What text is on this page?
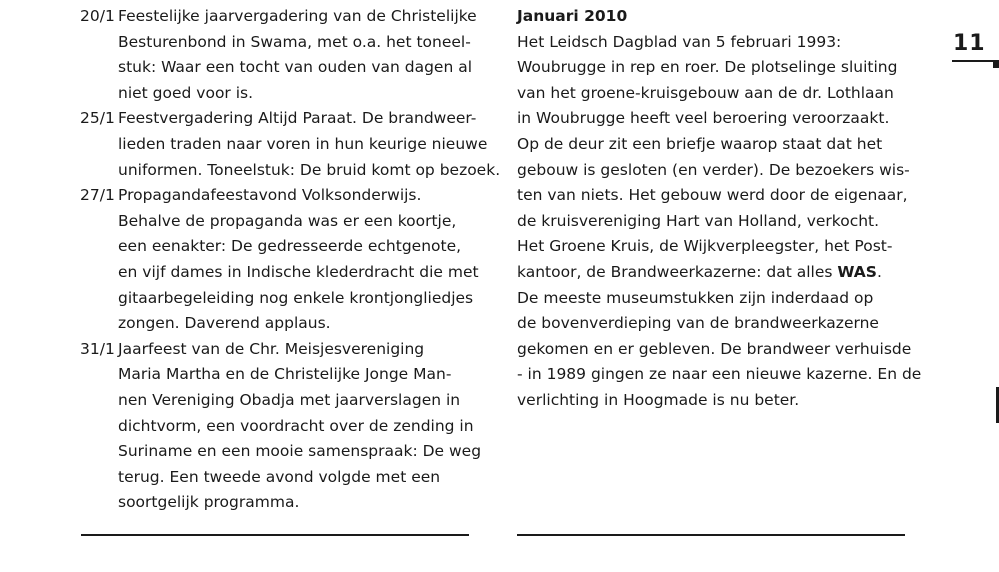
20/1 Feestelijke jaarvergadering van de Christelijke
Besturenbond in Swama, met o.a. het toneel-
stuk: Waar een tocht van ouden van dagen al
niet goed voor is.
25/1 Feestvergadering Altijd Paraat. De brandweer-
lieden traden naar voren in hun keurige nieuwe
uniformen. Toneelstuk: De bruid komt op bezoek.
27/1 Propagandafeestavond Volksonderwijs.
Behalve de propaganda was er een koortje,
een eenakter: De gedresseerde echtgenote,
en vijf dames in Indische klederdracht die met
gitaarbegeleiding nog enkele krontjongliedjes
zongen. Daverend applaus.
31/1 Jaarfeest van de Chr. Meisjesvereniging
Maria Martha en de Christelijke Jonge Man-
nen Vereniging Obadja met jaarverslagen in
dichtvorm, een voordracht over de zending in
Suriname en een mooie samenspraak: De weg
terug. Een tweede avond volgde met een
soortgelijk programma.
Januari 2010
Het Leidsch Dagblad van 5 februari 1993:
Woubrugge in rep en roer. De plotselinge sluiting
van het groene-kruisgebouw aan de dr. Lothlaan
in Woubrugge heeft veel beroering veroorzaakt.
Op de deur zit een briefje waarop staat dat het
gebouw is gesloten (en verder). De bezoekers wis-
ten van niets. Het gebouw werd door de eigenaar,
de kruisvereniging Hart van Holland, verkocht.
Het Groene Kruis, de Wijkverpleegster, het Post-
kantoor, de Brandweerkazerne: dat alles WAS.
De meeste museumstukken zijn inderdaad op
de bovenverdieping van de brandweerkazerne
gekomen en er gebleven. De brandweer verhuisde
- in 1989 gingen ze naar een nieuwe kazerne. En de
verlichting in Hoogmade is nu beter.
11
